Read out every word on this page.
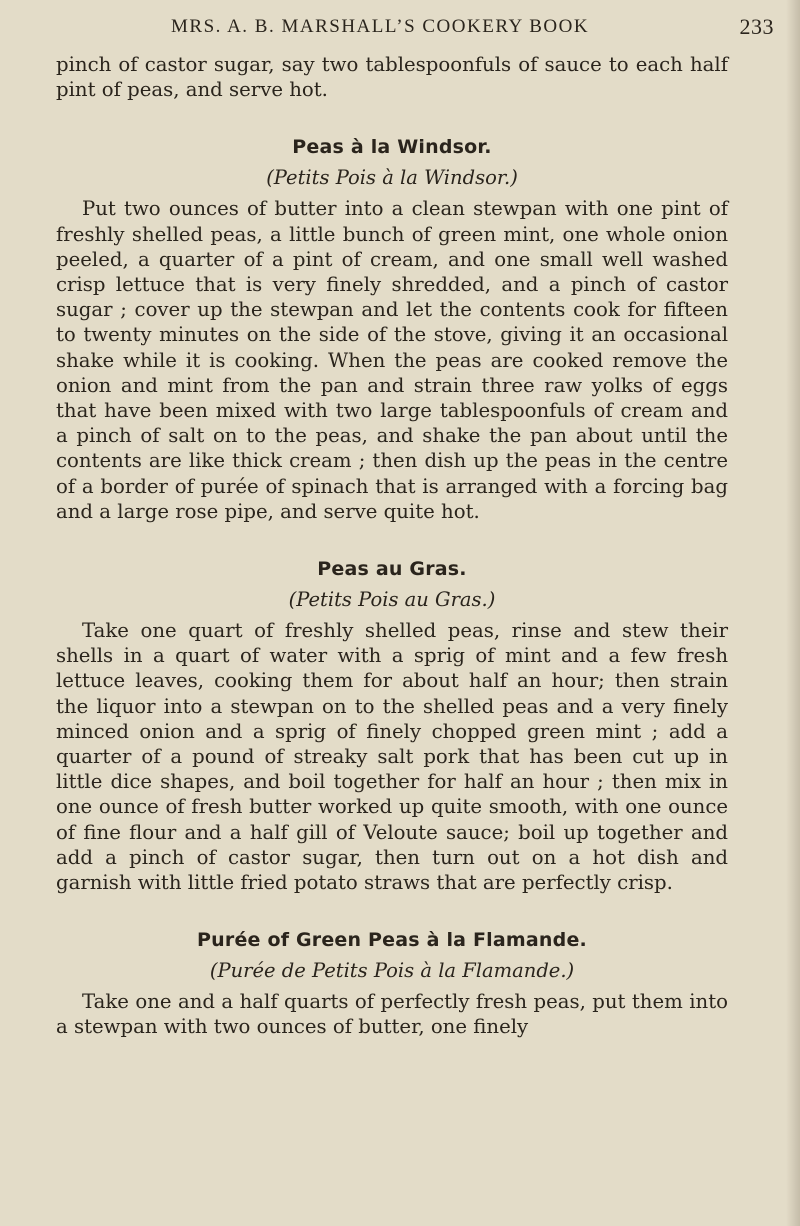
MRS. A. B. MARSHALL’S COOKERY BOOK	233

pinch of castor sugar, say two tablespoonfuls of sauce to each half pint of peas, and serve hot.

Peas à la Windsor.
(Petits Pois à la Windsor.)

Put two ounces of butter into a clean stewpan with one pint of freshly shelled peas, a little bunch of green mint, one whole onion peeled, a quarter of a pint of cream, and one small well washed crisp lettuce that is very finely shredded, and a pinch of castor sugar ; cover up the stewpan and let the contents cook for fifteen to twenty minutes on the side of the stove, giving it an occasional shake while it is cooking. When the peas are cooked remove the onion and mint from the pan and strain three raw yolks of eggs that have been mixed with two large tablespoonfuls of cream and a pinch of salt on to the peas, and shake the pan about until the contents are like thick cream ; then dish up the peas in the centre of a border of purée of spinach that is arranged with a forcing bag and a large rose pipe, and serve quite hot.

Peas au Gras.
(Petits Pois au Gras.)

Take one quart of freshly shelled peas, rinse and stew their shells in a quart of water with a sprig of mint and a few fresh lettuce leaves, cooking them for about half an hour; then strain the liquor into a stewpan on to the shelled peas and a very finely minced onion and a sprig of finely chopped green mint ; add a quarter of a pound of streaky salt pork that has been cut up in little dice shapes, and boil together for half an hour ; then mix in one ounce of fresh butter worked up quite smooth, with one ounce of fine flour and a half gill of Veloute sauce; boil up together and add a pinch of castor sugar, then turn out on a hot dish and garnish with little fried potato straws that are perfectly crisp.

Purée of Green Peas à la Flamande.
(Purée de Petits Pois à la Flamande.)

Take one and a half quarts of perfectly fresh peas, put them into a stewpan with two ounces of butter, one finely
